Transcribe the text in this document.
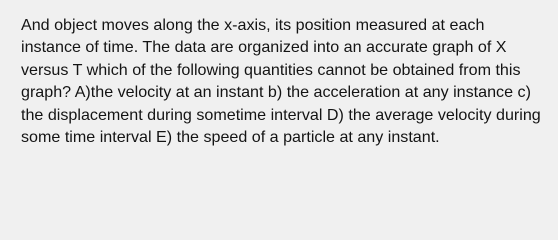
And object moves along the x-axis, its position measured at each instance of time. The data are organized into an accurate graph of X versus T which of the following quantities cannot be obtained from this graph? A)the velocity at an instant b) the acceleration at any instance c) the displacement during sometime interval D) the average velocity during some time interval E) the speed of a particle at any instant.
